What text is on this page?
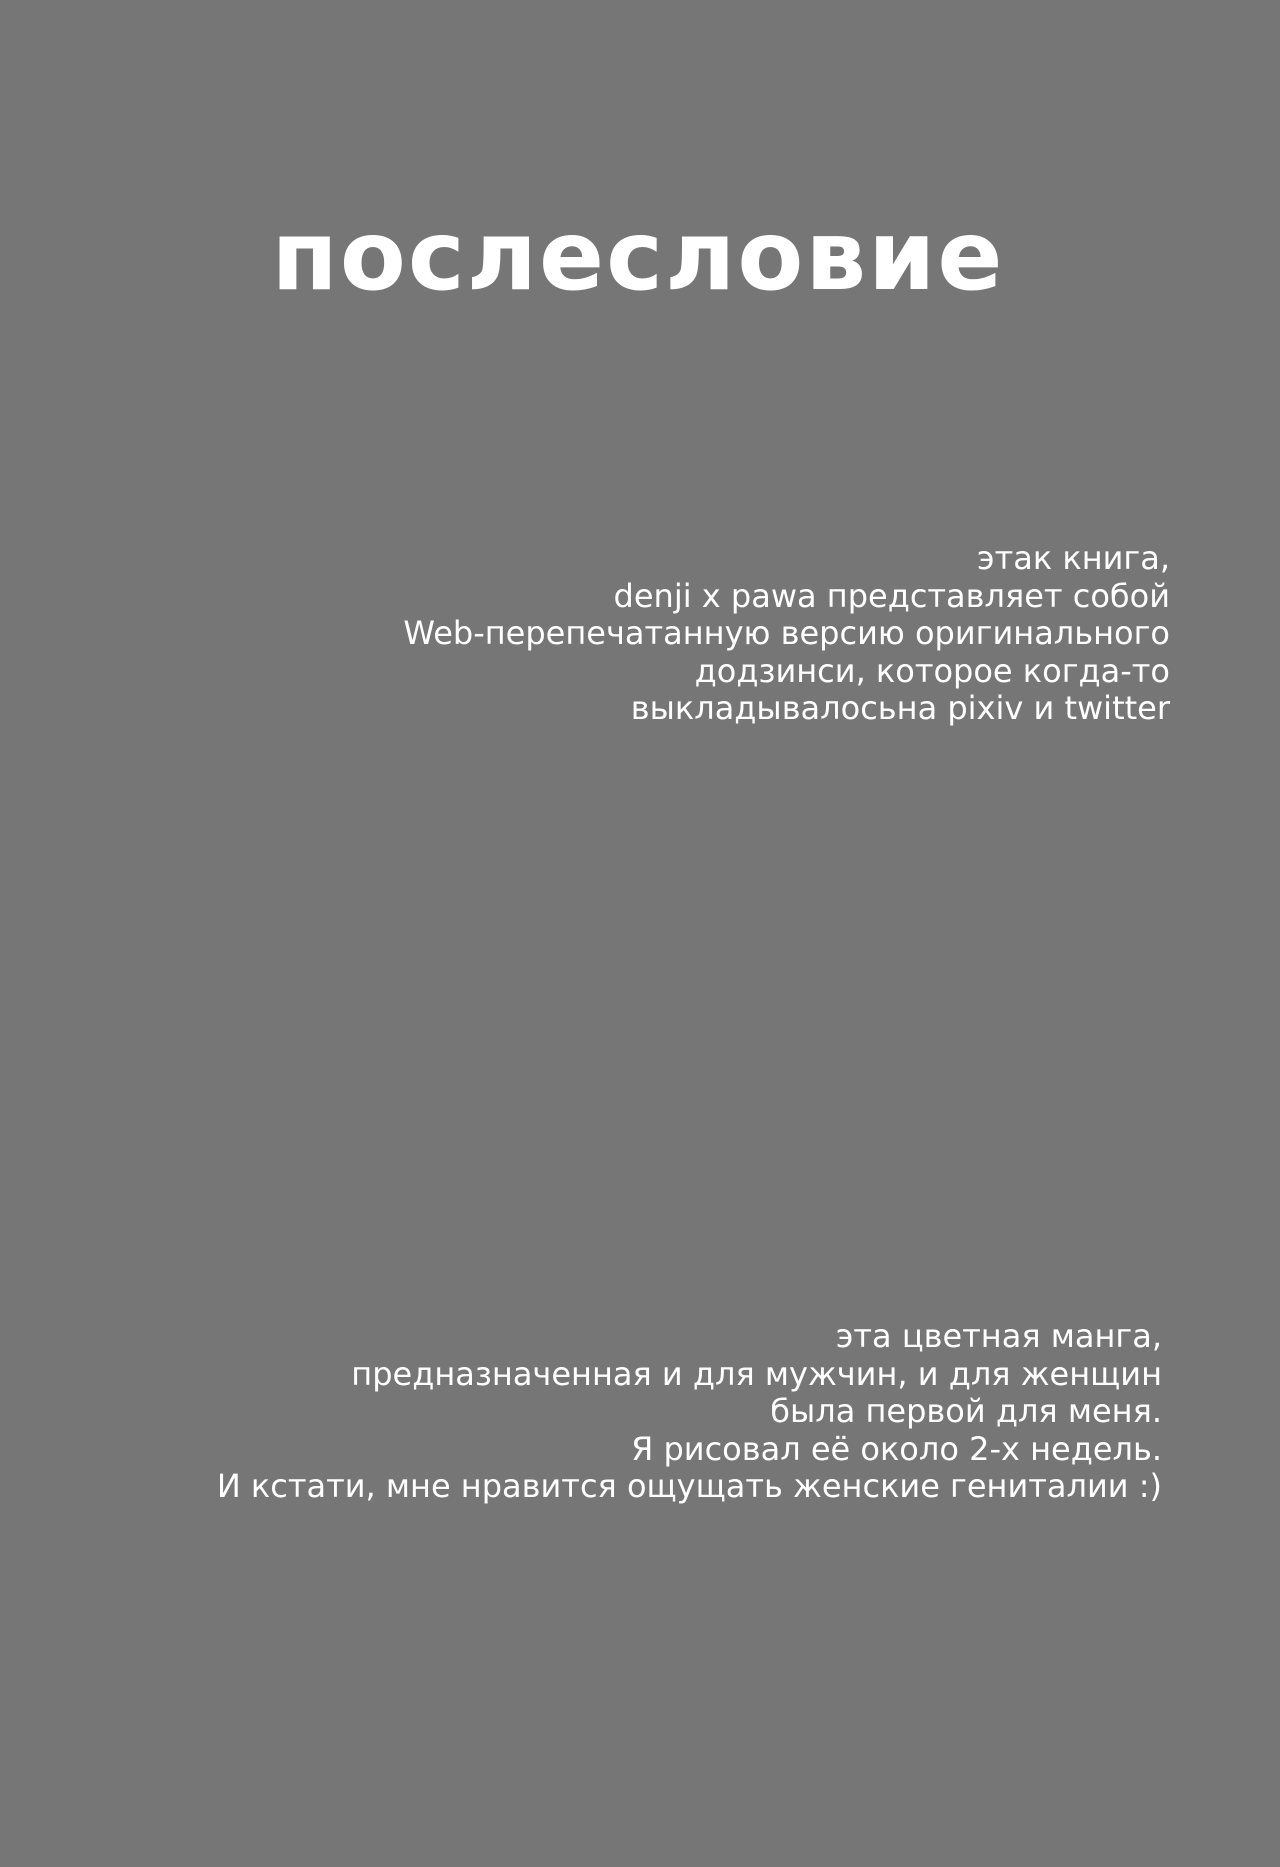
послесловие
этак книга,
denji x pawa представляет собой
Web-перепечатанную версию оригинального
додзинси, которое когда-то
выкладывалосьна pixiv и twitter
эта цветная манга,
предназначенная и для мужчин, и для женщин
была первой для меня.
Я рисовал её около 2-х недель.
И кстати, мне нравится ощущать женские гениталии :)
